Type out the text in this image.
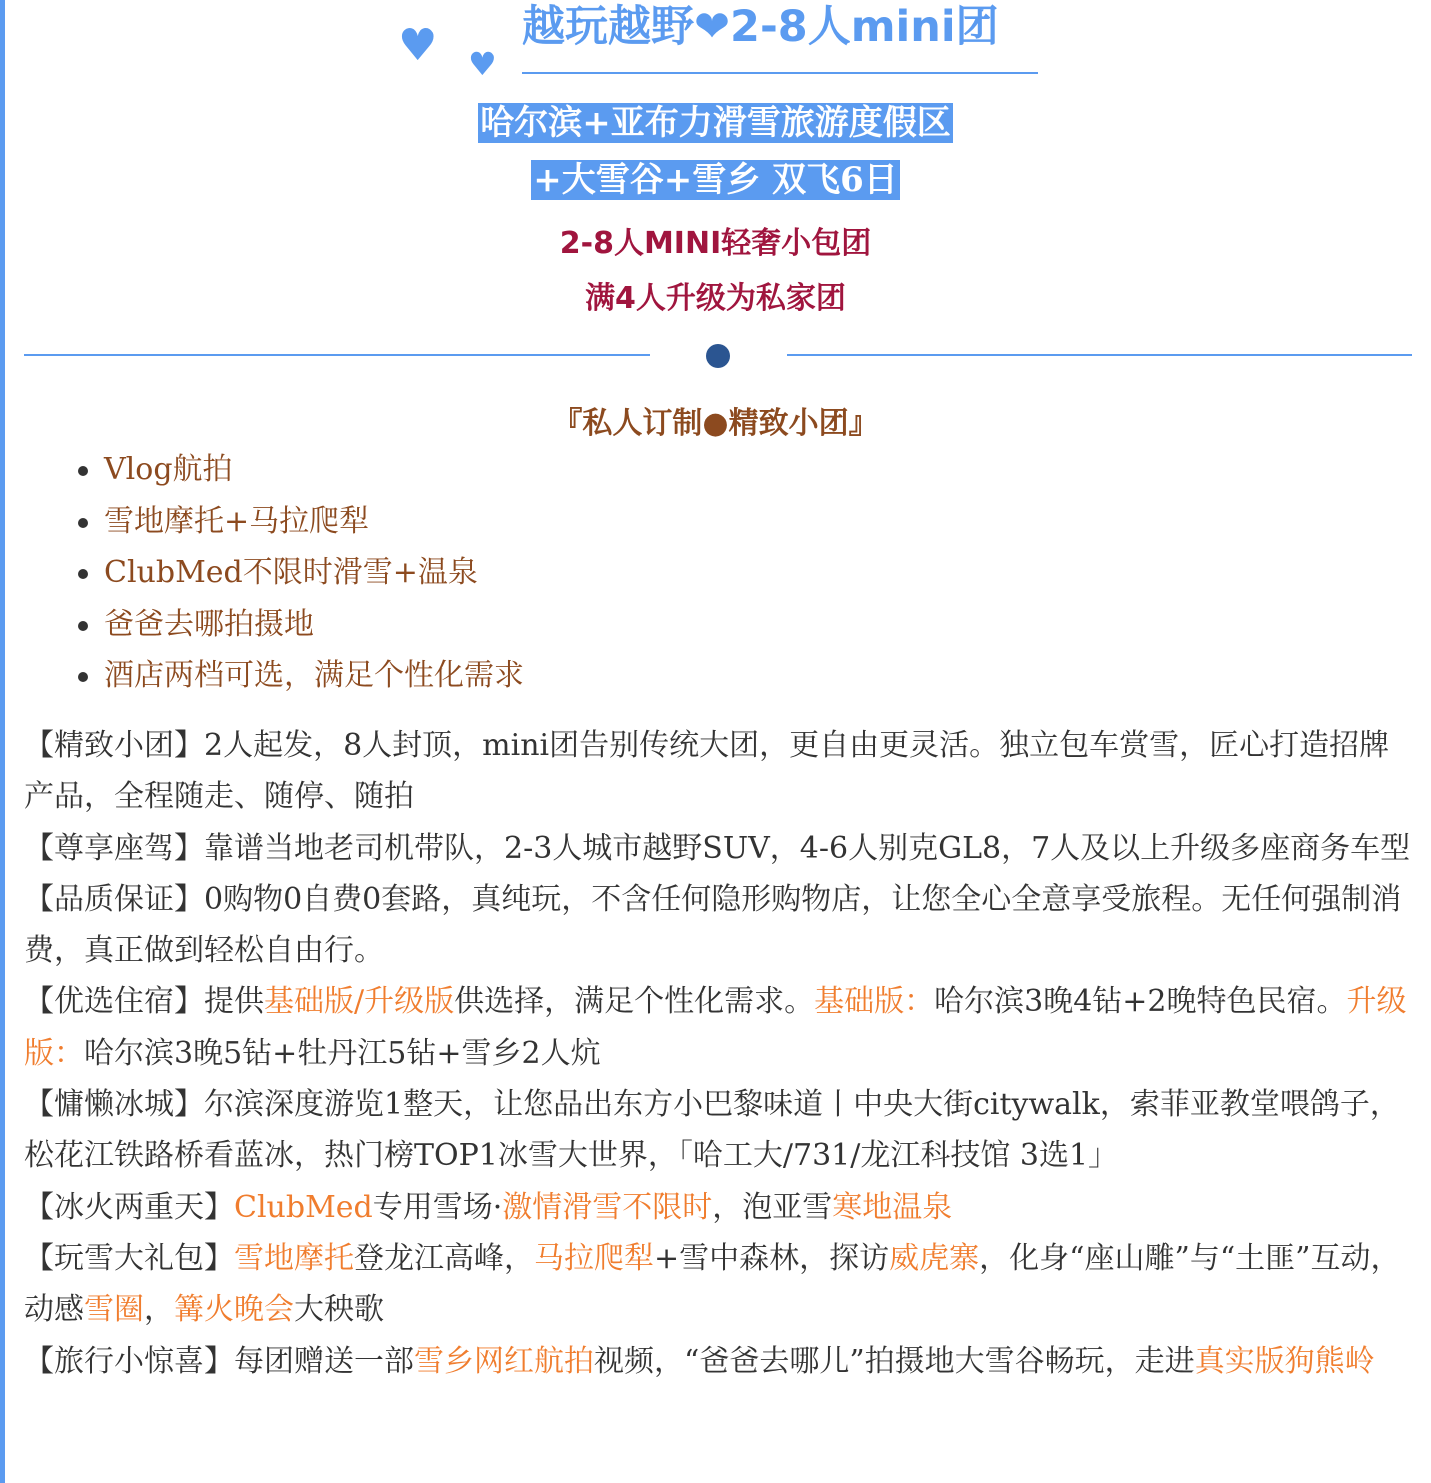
♥ ♥
越玩越野❤2-8人mini团
哈尔滨+亚布力滑雪旅游度假区
+大雪谷+雪乡 双飞6日
2-8人MINI轻奢小包团
满4人升级为私家团
『私人订制●精致小团』
Vlog航拍
雪地摩托+马拉爬犁
ClubMed不限时滑雪+温泉
爸爸去哪拍摄地
酒店两档可选，满足个性化需求
【精致小团】2人起发，8人封顶，mini团告别传统大团，更自由更灵活。独立包车赏雪，匠心打造招牌产品，全程随走、随停、随拍
【尊享座驾】靠谱当地老司机带队，2-3人城市越野SUV，4-6人别克GL8，7人及以上升级多座商务车型
【品质保证】0购物0自费0套路，真纯玩，不含任何隐形购物店，让您全心全意享受旅程。无任何强制消费，真正做到轻松自由行。
【优选住宿】提供基础版/升级版供选择，满足个性化需求。基础版：哈尔滨3晚4钻+2晚特色民宿。升级版：哈尔滨3晚5钻+牡丹江5钻+雪乡2人炕
【慵懒冰城】尔滨深度游览1整天，让您品出东方小巴黎味道丨中央大街citywalk，索菲亚教堂喂鸽子，松花江铁路桥看蓝冰，热门榜TOP1冰雪大世界，「哈工大/731/龙江科技馆 3选1」
【冰火两重天】ClubMed专用雪场·激情滑雪不限时，泡亚雪寒地温泉
【玩雪大礼包】雪地摩托登龙江高峰，马拉爬犁+雪中森林，探访威虎寨，化身“座山雕”与“土匪”互动，动感雪圈，篝火晚会大秧歌
【旅行小惊喜】每团赠送一部雪乡网红航拍视频，“爸爸去哪儿”拍摄地大雪谷畅玩，走进真实版狗熊岭
